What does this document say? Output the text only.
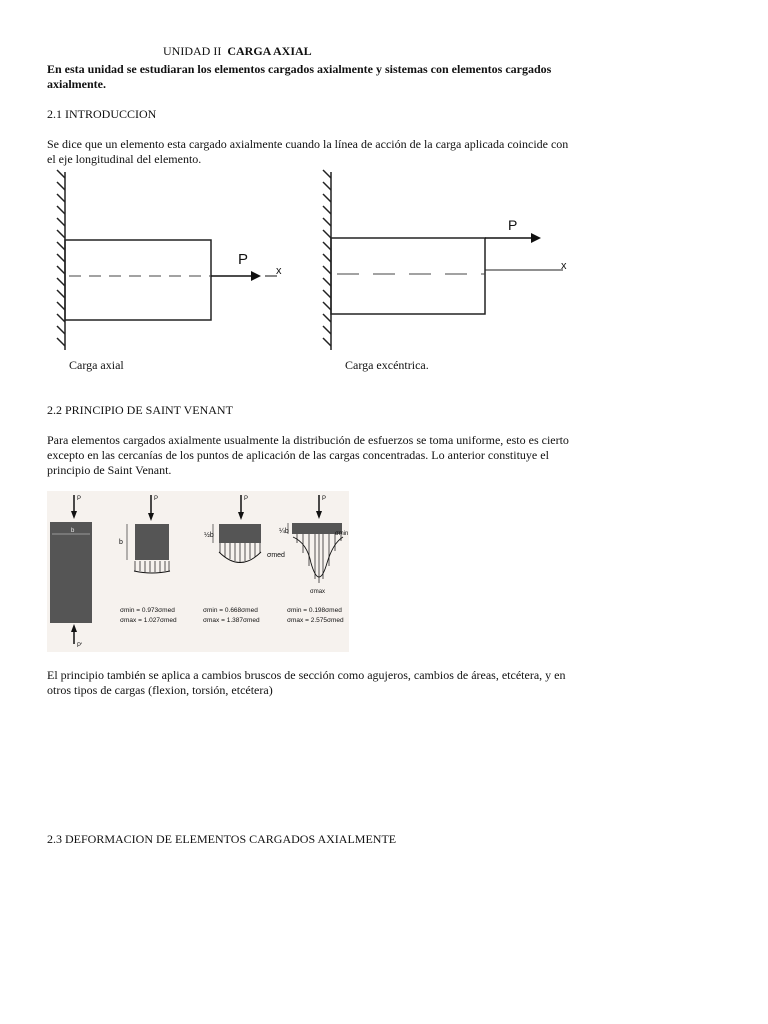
UNIDAD II CARGA AXIAL
En esta unidad se estudiaran los elementos cargados axialmente y sistemas con elementos cargados
axialmente.
2.1 INTRODUCCION
Se dice que un elemento esta cargado axialmente cuando la línea de acción de la carga aplicada coincide con
el eje longitudinal del elemento.
P
x
P
x
Carga axial	Carga excéntrica.
2.2 PRINCIPIO DE SAINT VENANT
Para elementos cargados axialmente usualmente la distribución de esfuerzos se toma uniforme, esto es cierto
excepto en las cercanías de los puntos de aplicación de las cargas concentradas. Lo anterior constituye el
principio de Saint Venant.
P
b
P'
P
b
P
½b
P
¼b	σmin
σmed
σmax
σmin = 0.973σmed
σmax = 1.027σmed
σmin = 0.668σmed
σmax = 1.387σmed
σmin = 0.198σmed
σmax = 2.575σmed
El principio también se aplica a cambios bruscos de sección como agujeros, cambios de áreas, etcétera, y en
otros tipos de cargas (flexion, torsión, etcétera)
2.3 DEFORMACION DE ELEMENTOS CARGADOS AXIALMENTE
